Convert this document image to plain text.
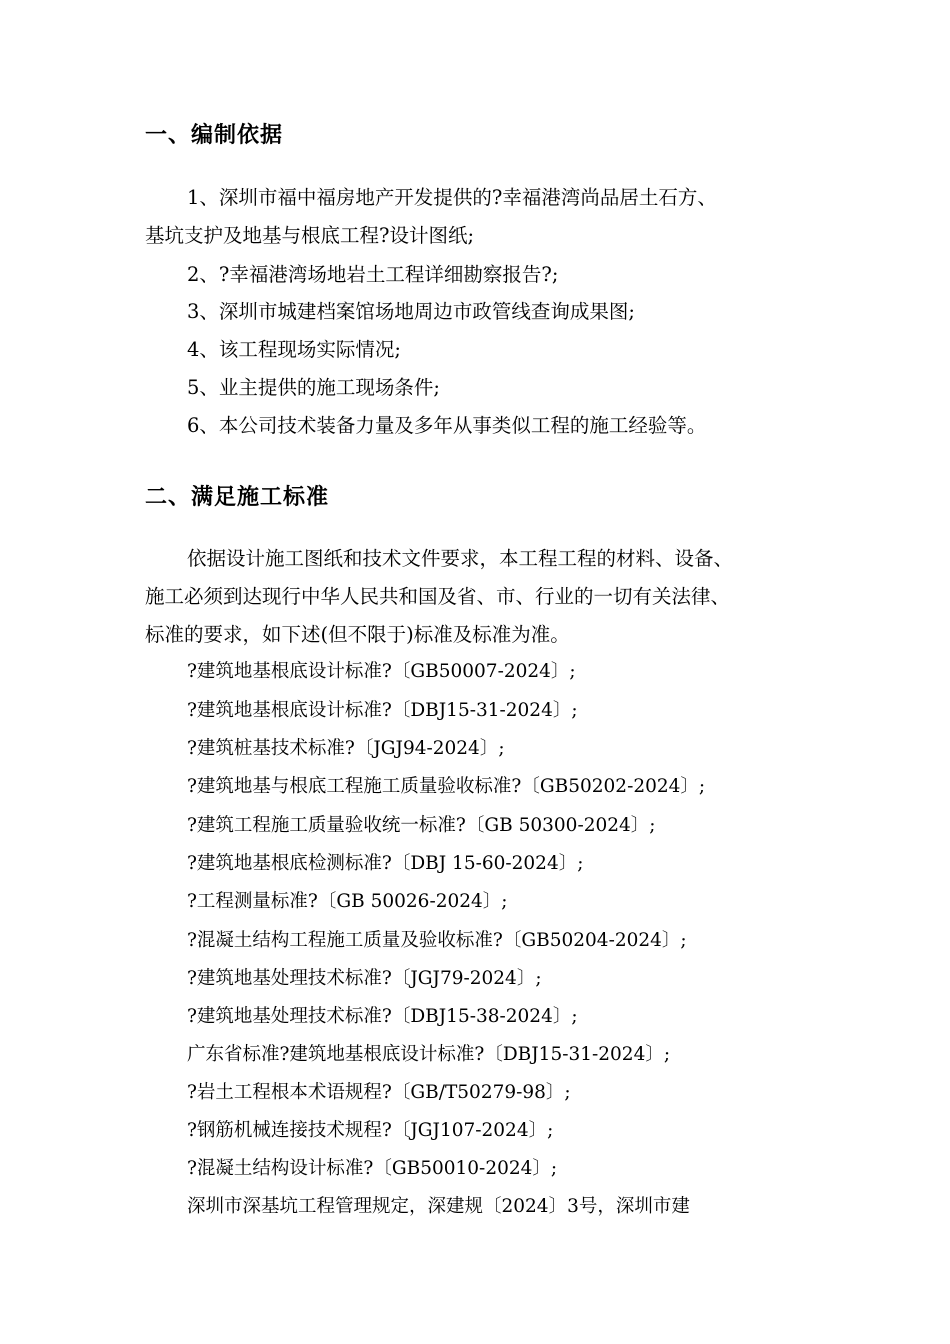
一、编制依据
1、深圳市福中福房地产开发提供的?幸福港湾尚品居土石方、
基坑支护及地基与根底工程?设计图纸;
2、?幸福港湾场地岩土工程详细勘察报告?;
3、深圳市城建档案馆场地周边市政管线查询成果图;
4、该工程现场实际情况;
5、业主提供的施工现场条件;
6、本公司技术装备力量及多年从事类似工程的施工经验等。
二、满足施工标准
依据设计施工图纸和技术文件要求，本工程工程的材料、设备、
施工必须到达现行中华人民共和国及省、市、行业的一切有关法律、
标准的要求，如下述(但不限于)标准及标准为准。
?建筑地基根底设计标准?〔GB50007-2024〕;
?建筑地基根底设计标准?〔DBJ15-31-2024〕;
?建筑桩基技术标准?〔JGJ94-2024〕;
?建筑地基与根底工程施工质量验收标准?〔GB50202-2024〕;
?建筑工程施工质量验收统一标准?〔GB 50300-2024〕;
?建筑地基根底检测标准?〔DBJ 15-60-2024〕;
?工程测量标准?〔GB 50026-2024〕;
?混凝土结构工程施工质量及验收标准?〔GB50204-2024〕;
?建筑地基处理技术标准?〔JGJ79-2024〕;
?建筑地基处理技术标准?〔DBJ15-38-2024〕;
广东省标准?建筑地基根底设计标准?〔DBJ15-31-2024〕;
?岩土工程根本术语规程?〔GB/T50279-98〕;
?钢筋机械连接技术规程?〔JGJ107-2024〕;
?混凝土结构设计标准?〔GB50010-2024〕;
深圳市深基坑工程管理规定，深建规〔2024〕3号，深圳市建
